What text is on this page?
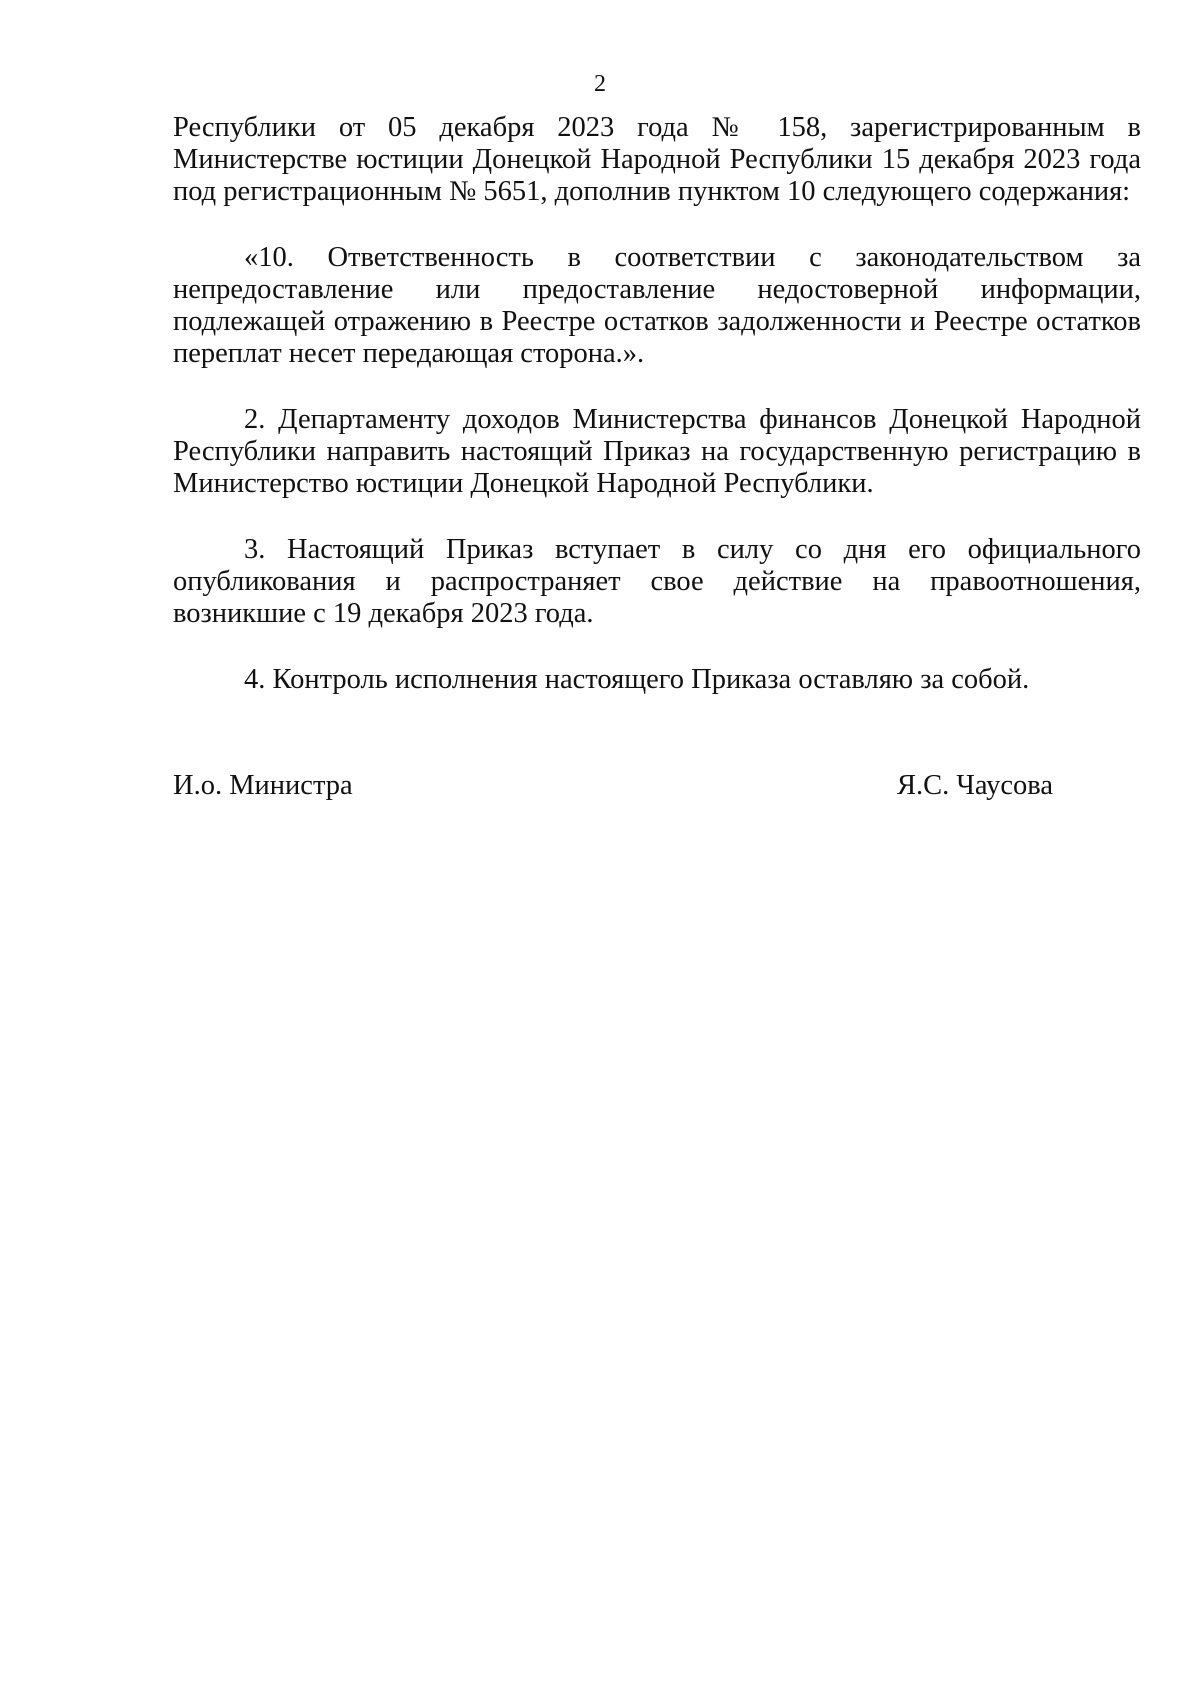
2

Республики от 05 декабря 2023 года № 158, зарегистрированным в Министерстве юстиции Донецкой Народной Республики 15 декабря 2023 года под регистрационным № 5651, дополнив пунктом 10 следующего содержания:

«10. Ответственность в соответствии с законодательством за непредоставление или предоставление недостоверной информации, подлежащей отражению в Реестре остатков задолженности и Реестре остатков переплат несет передающая сторона.».

2. Департаменту доходов Министерства финансов Донецкой Народной Республики направить настоящий Приказ на государственную регистрацию в Министерство юстиции Донецкой Народной Республики.

3. Настоящий Приказ вступает в силу со дня его официального опубликования и распространяет свое действие на правоотношения, возникшие с 19 декабря 2023 года.

4. Контроль исполнения настоящего Приказа оставляю за собой.

И.о. Министра	Я.С. Чаусова
